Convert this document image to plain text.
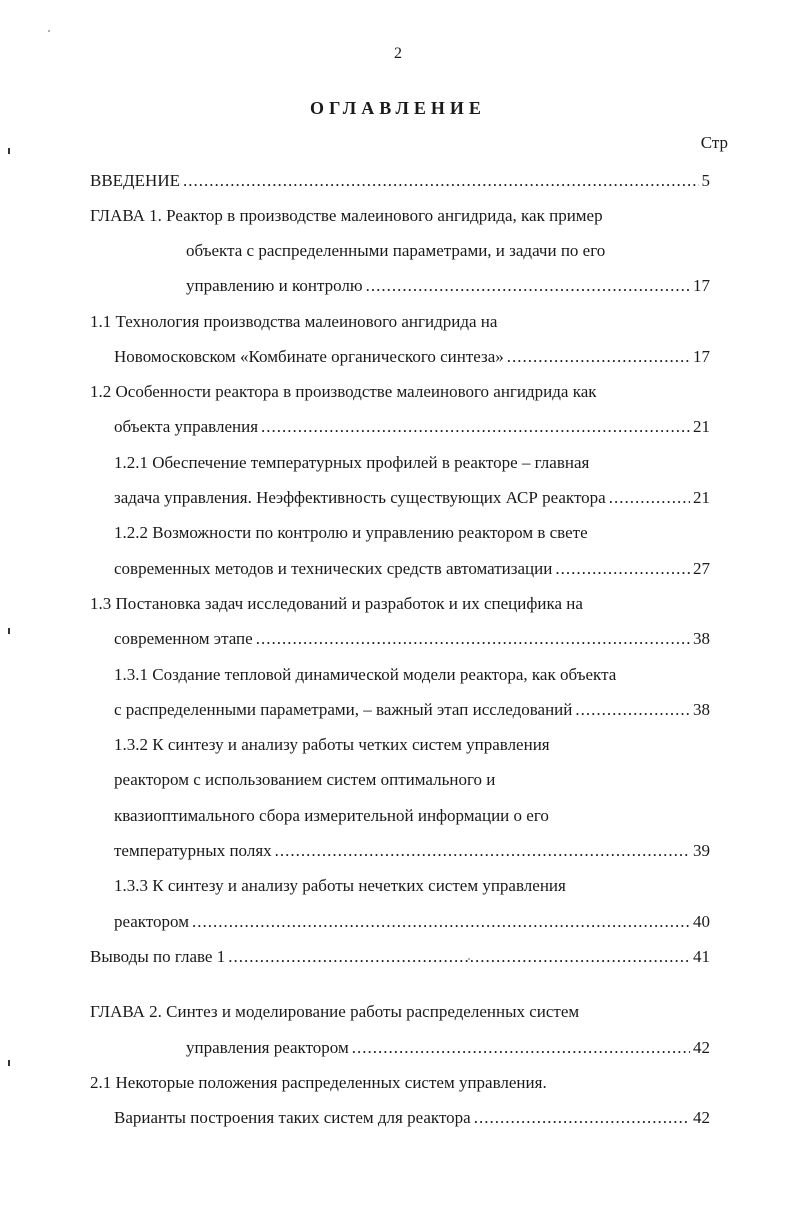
2
ОГЛАВЛЕНИЕ
Стр
ВВЕДЕНИЕ .....	5
ГЛАВА 1. Реактор в производстве малеинового ангидрида, как пример
объекта с распределенными параметрами, и задачи по его
управлению и контролю .....	17
1.1 Технология производства малеинового ангидрида на
Новомосковском «Комбинате органического синтеза» .....	17
1.2 Особенности реактора в производстве малеинового ангидрида как
объекта управления .....	21
1.2.1 Обеспечение температурных профилей в реакторе – главная
задача управления. Неэффективность существующих АСР реактора .....	21
1.2.2 Возможности по контролю и управлению реактором в свете
современных методов и технических средств автоматизации .....	27
1.3 Постановка задач исследований и разработок и их специфика на
современном этапе .....	38
1.3.1 Создание тепловой динамической модели реактора, как объекта
с распределенными параметрами, – важный этап исследований .....	38
1.3.2 К синтезу и анализу работы четких систем управления
реактором с использованием систем оптимального и
квазиоптимального сбора измерительной информации о его
температурных полях .....	39
1.3.3 К синтезу и анализу работы нечетких систем управления
реактором .....	40
Выводы по главе 1 .....	41
ГЛАВА 2. Синтез и моделирование работы распределенных систем
управления реактором .....	42
2.1 Некоторые положения распределенных систем управления.
Варианты построения таких систем для реактора .....	42
